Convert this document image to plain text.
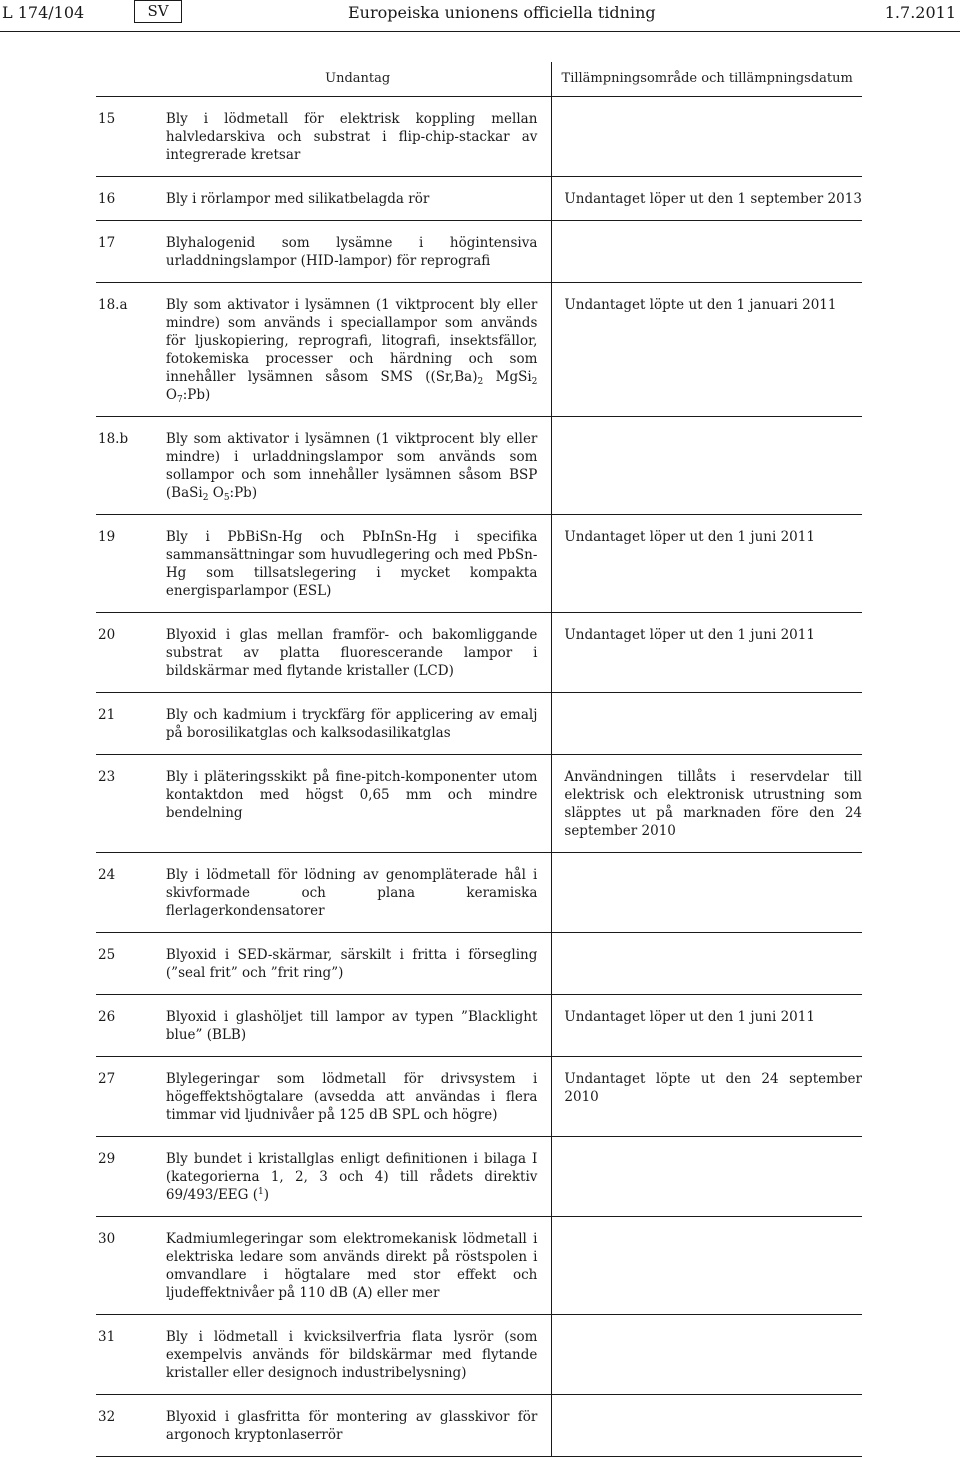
L 174/104	SV	Europeiska unionens officiella tidning	1.7.2011
	Undantag	Tillämpningsområde och tillämpningsdatum
15	Bly i lödmetall för elektrisk koppling mellan halvledarskiva och substrat i flip-chip-stackar av integrerade kretsar	
16	Bly i rörlampor med silikatbelagda rör	Undantaget löper ut den 1 september 2013
17	Blyhalogenid som lysämne i högintensiva urladdningslampor (HID-lampor) för reprografi	
18.a	Bly som aktivator i lysämnen (1 viktprocent bly eller mindre) som används i speciallampor som används för ljuskopiering, reprografi, litografi, insektsfällor, fotokemiska processer och härdning och som innehåller lysämnen såsom SMS ($(Sr,Ba)_2$ MgSi$_2$ $O_7:Pb$)	Undantaget löpte ut den 1 januari 2011
18.b	Bly som aktivator i lysämnen (1 viktprocent bly eller mindre) i urladdningslampor som används som sollampor och som innehåller lysämnen såsom BSP (BaSi$_2$ $O_5:Pb$)	
19	Bly i PbBiSn-Hg och PbInSn-Hg i specifika sammansättningar som huvudlegering och med PbSn-Hg som tillsatslegering i mycket kompakta energisparlampor (ESL)	Undantaget löper ut den 1 juni 2011
20	Blyoxid i glas mellan framför- och bakomliggande substrat av platta fluorescerande lampor i bildskärmar med flytande kristaller (LCD)	Undantaget löper ut den 1 juni 2011
21	Bly och kadmium i tryckfärg för applicering av emalj på borosilikatglas och kalksodasilikatglas	
23	Bly i pläteringsskikt på fine-pitch-komponenter utom kontaktdon med högst 0,65 mm och mindre bendelning	Användningen tillåts i reservdelar till elektrisk och elektronisk utrustning som släpptes ut på marknaden före den 24 september 2010
24	Bly i lödmetall för lödning av genompläterade hål i skivformade och plana keramiska flerlagerkondensatorer	
25	Blyoxid i SED-skärmar, särskilt i fritta i försegling (”seal frit” och ”frit ring”)	
26	Blyoxid i glashöljet till lampor av typen ”Blacklight blue” (BLB)	Undantaget löper ut den 1 juni 2011
27	Blylegeringar som lödmetall för drivsystem i högeffektshögtalare (avsedda att användas i flera timmar vid ljudnivåer på 125 dB SPL och högre)	Undantaget löpte ut den 24 september 2010
29	Bly bundet i kristallglas enligt definitionen i bilaga I (kategorierna 1, 2, 3 och 4) till rådets direktiv 69/493/EEG ($^1$)	
30	Kadmiumlegeringar som elektromekanisk lödmetall i elektriska ledare som används direkt på röstspolen i omvandlare i högtalare med stor effekt och ljudeffektnivåer på 110 dB (A) eller mer	
31	Bly i lödmetall i kvicksilverfria flata lysrör (som exempelvis används för bildskärmar med flytande kristaller eller designoch industribelysning)	
32	Blyoxid i glasfritta för montering av glasskivor för argonoch kryptonlaserrör	
